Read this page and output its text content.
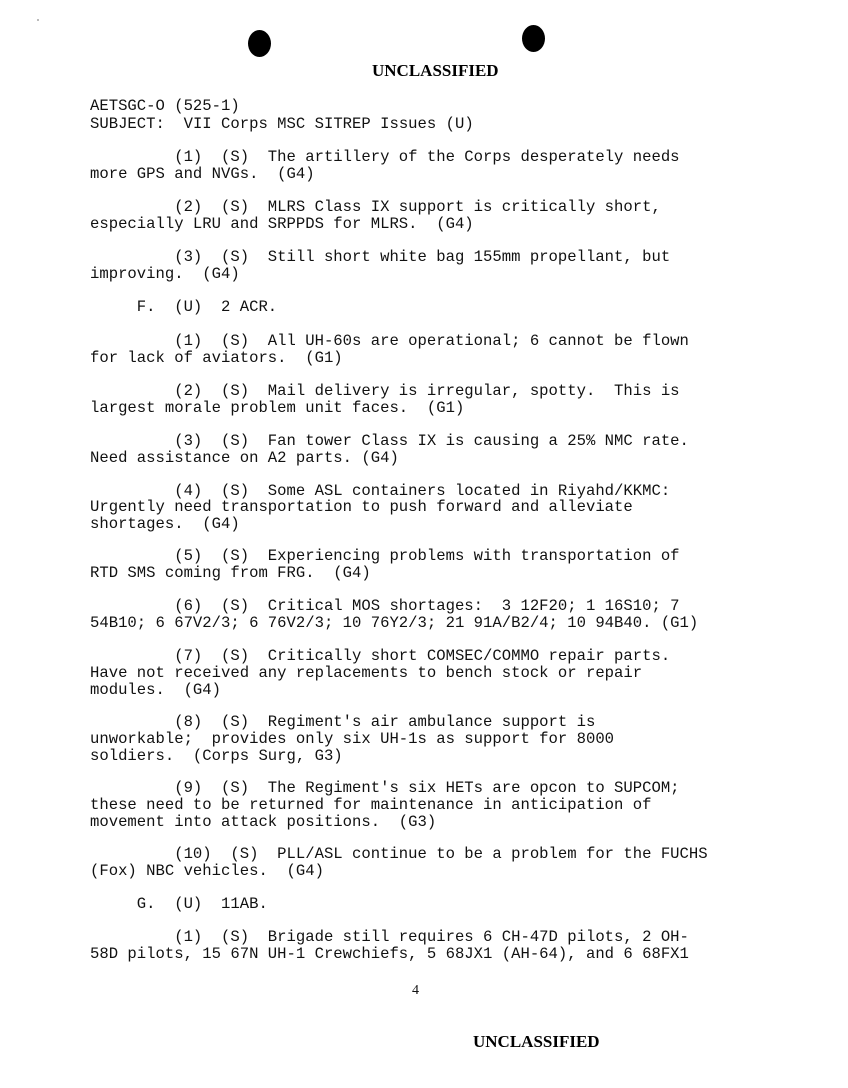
UNCLASSIFIED
AETSGC-O (525-1)
SUBJECT: VII Corps MSC SITREP Issues (U)
(1)  (S)  The artillery of the Corps desperately needs
more GPS and NVGs.  (G4)
(2)  (S)  MLRS Class IX support is critically short,
especially LRU and SRPPDS for MLRS.  (G4)
(3)  (S)  Still short white bag 155mm propellant, but
improving.  (G4)
F.  (U)  2 ACR.
(1)  (S)  All UH-60s are operational; 6 cannot be flown
for lack of aviators.  (G1)
(2)  (S)  Mail delivery is irregular, spotty.  This is
largest morale problem unit faces.  (G1)
(3)  (S)  Fan tower Class IX is causing a 25% NMC rate.
Need assistance on A2 parts. (G4)
(4)  (S)  Some ASL containers located in Riyahd/KKMC:
Urgently need transportation to push forward and alleviate
shortages.  (G4)
(5)  (S)  Experiencing problems with transportation of
RTD SMS coming from FRG.  (G4)
(6)  (S)  Critical MOS shortages:  3 12F20; 1 16S10; 7
54B10; 6 67V2/3; 6 76V2/3; 10 76Y2/3; 21 91A/B2/4; 10 94B40. (G1)
(7)  (S)  Critically short COMSEC/COMMO repair parts.
Have not received any replacements to bench stock or repair
modules.  (G4)
(8)  (S)  Regiment's air ambulance support is
unworkable;  provides only six UH-1s as support for 8000
soldiers.  (Corps Surg, G3)
(9)  (S)  The Regiment's six HETs are opcon to SUPCOM;
these need to be returned for maintenance in anticipation of
movement into attack positions.  (G3)
(10)  (S)  PLL/ASL continue to be a problem for the FUCHS
(Fox) NBC vehicles.  (G4)
G.  (U)  11AB.
(1)  (S)  Brigade still requires 6 CH-47D pilots, 2 OH-
58D pilots, 15 67N UH-1 Crewchiefs, 5 68JX1 (AH-64), and 6 68FX1
4
UNCLASSIFIED
